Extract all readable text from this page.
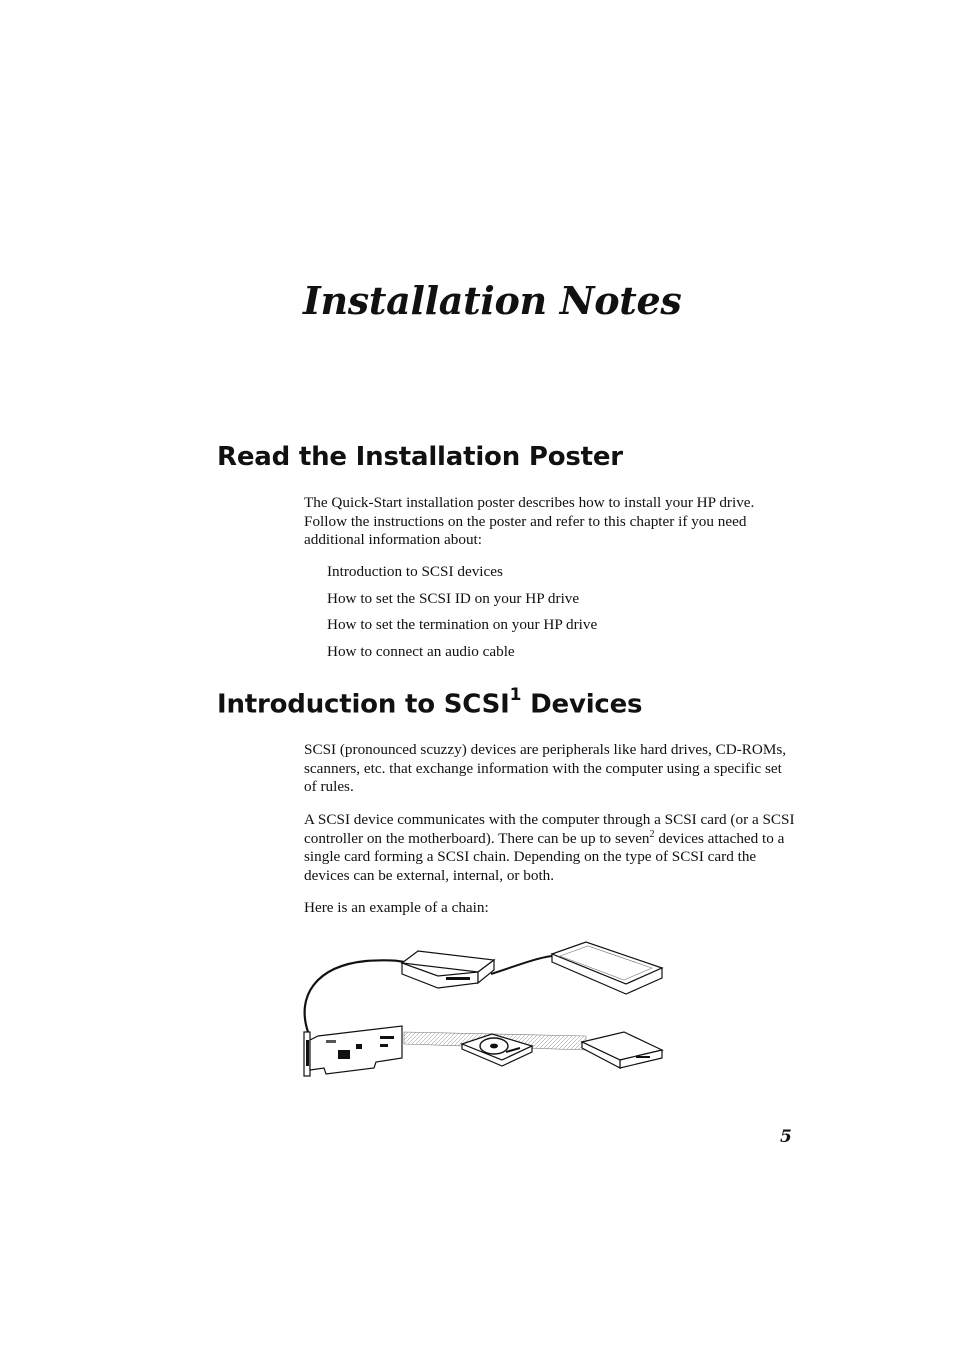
Installation Notes
Read the Installation Poster

The Quick-Start installation poster describes how to install your HP drive. Follow the instructions on the poster and refer to this chapter if you need additional information about:

Introduction to SCSI devices
How to set the SCSI ID on your HP drive
How to set the termination on your HP drive
How to connect an audio cable
Introduction to SCSI$^1$ Devices

SCSI (pronounced scuzzy) devices are peripherals like hard drives, CD-ROMs, scanners, etc. that exchange information with the computer using a specific set of rules.

A SCSI device communicates with the computer through a SCSI card (or a SCSI controller on the motherboard). There can be up to seven$^2$ devices attached to a single card forming a SCSI chain. Depending on the type of SCSI card the devices can be external, internal, or both.

Here is an example of a chain:

5
